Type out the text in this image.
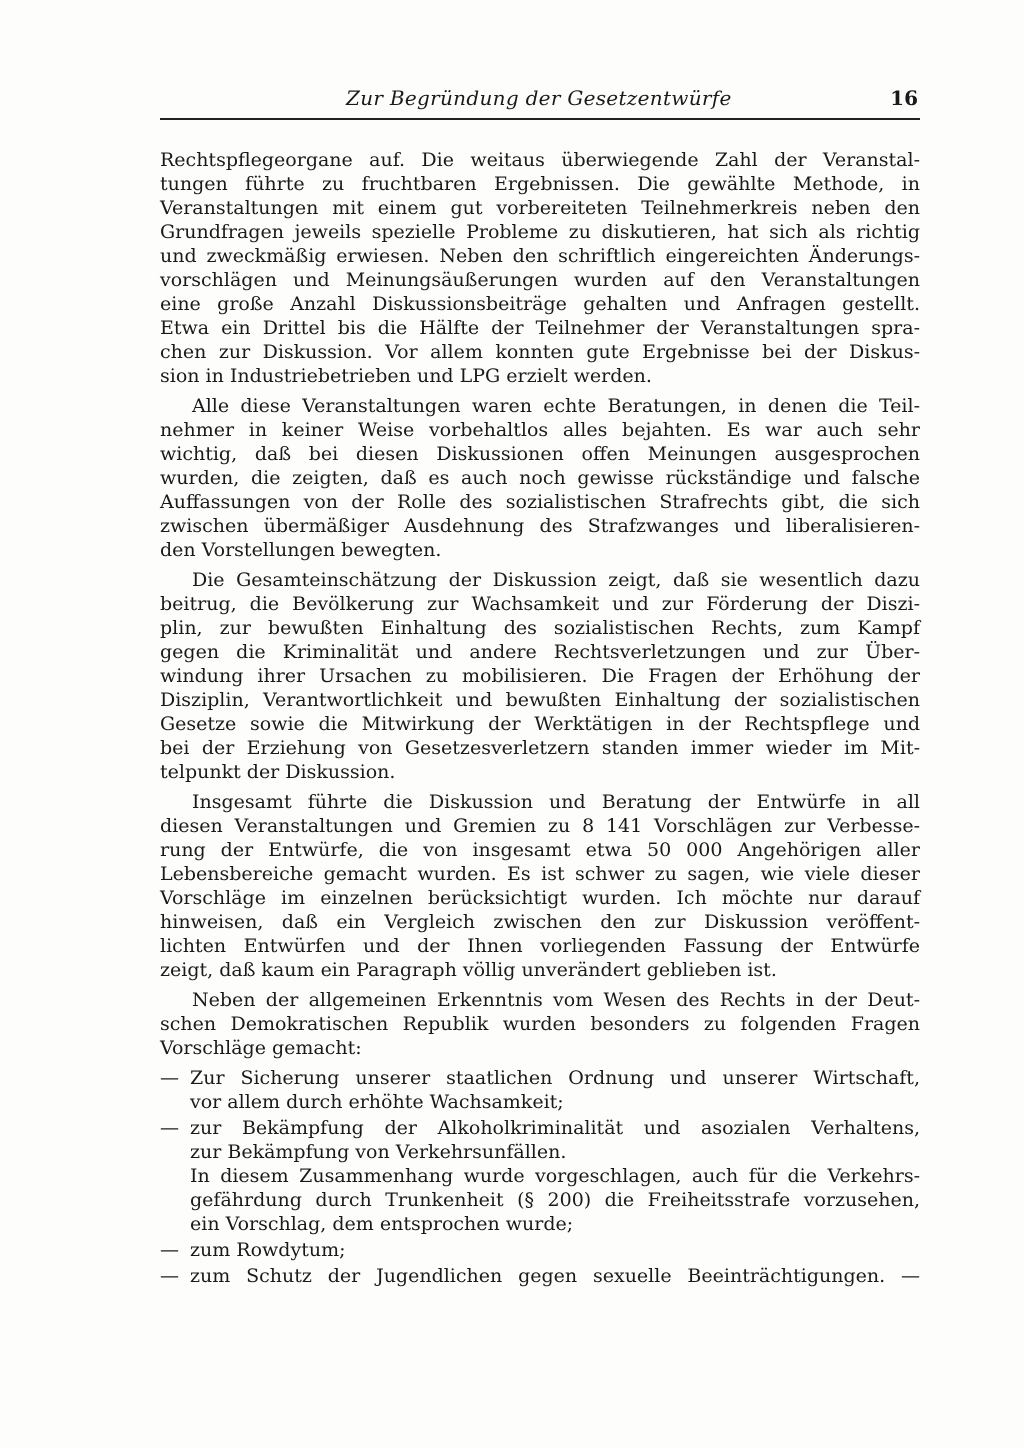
Zur Begründung der Gesetzentwürfe	16

Rechtspflegeorgane auf. Die weitaus überwiegende Zahl der Veranstal-
tungen führte zu fruchtbaren Ergebnissen. Die gewählte Methode, in
Veranstaltungen mit einem gut vorbereiteten Teilnehmerkreis neben den
Grundfragen jeweils spezielle Probleme zu diskutieren, hat sich als richtig
und zweckmäßig erwiesen. Neben den schriftlich eingereichten Änderungs-
vorschlägen und Meinungsäußerungen wurden auf den Veranstaltungen
eine große Anzahl Diskussionsbeiträge gehalten und Anfragen gestellt.
Etwa ein Drittel bis die Hälfte der Teilnehmer der Veranstaltungen spra-
chen zur Diskussion. Vor allem konnten gute Ergebnisse bei der Diskus-
sion in Industriebetrieben und LPG erzielt werden.

Alle diese Veranstaltungen waren echte Beratungen, in denen die Teil-
nehmer in keiner Weise vorbehaltlos alles bejahten. Es war auch sehr
wichtig, daß bei diesen Diskussionen offen Meinungen ausgesprochen
wurden, die zeigten, daß es auch noch gewisse rückständige und falsche
Auffassungen von der Rolle des sozialistischen Strafrechts gibt, die sich
zwischen übermäßiger Ausdehnung des Strafzwanges und liberalisieren-
den Vorstellungen bewegten.

Die Gesamteinschätzung der Diskussion zeigt, daß sie wesentlich dazu
beitrug, die Bevölkerung zur Wachsamkeit und zur Förderung der Diszi-
plin, zur bewußten Einhaltung des sozialistischen Rechts, zum Kampf
gegen die Kriminalität und andere Rechtsverletzungen und zur Über-
windung ihrer Ursachen zu mobilisieren. Die Fragen der Erhöhung der
Disziplin, Verantwortlichkeit und bewußten Einhaltung der sozialistischen
Gesetze sowie die Mitwirkung der Werktätigen in der Rechtspflege und
bei der Erziehung von Gesetzesverletzern standen immer wieder im Mit-
telpunkt der Diskussion.

Insgesamt führte die Diskussion und Beratung der Entwürfe in all
diesen Veranstaltungen und Gremien zu 8 141 Vorschlägen zur Verbesse-
rung der Entwürfe, die von insgesamt etwa 50 000 Angehörigen aller
Lebensbereiche gemacht wurden. Es ist schwer zu sagen, wie viele dieser
Vorschläge im einzelnen berücksichtigt wurden. Ich möchte nur darauf
hinweisen, daß ein Vergleich zwischen den zur Diskussion veröffent-
lichten Entwürfen und der Ihnen vorliegenden Fassung der Entwürfe
zeigt, daß kaum ein Paragraph völlig unverändert geblieben ist.

Neben der allgemeinen Erkenntnis vom Wesen des Rechts in der Deut-
schen Demokratischen Republik wurden besonders zu folgenden Fragen
Vorschläge gemacht:

— Zur Sicherung unserer staatlichen Ordnung und unserer Wirtschaft,
vor allem durch erhöhte Wachsamkeit;
— zur Bekämpfung der Alkoholkriminalität und asozialen Verhaltens,
zur Bekämpfung von Verkehrsunfällen.
In diesem Zusammenhang wurde vorgeschlagen, auch für die Verkehrs-
gefährdung durch Trunkenheit (§ 200) die Freiheitsstrafe vorzusehen,
ein Vorschlag, dem entsprochen wurde;
— zum Rowdytum;
— zum Schutz der Jugendlichen gegen sexuelle Beeinträchtigungen. —
